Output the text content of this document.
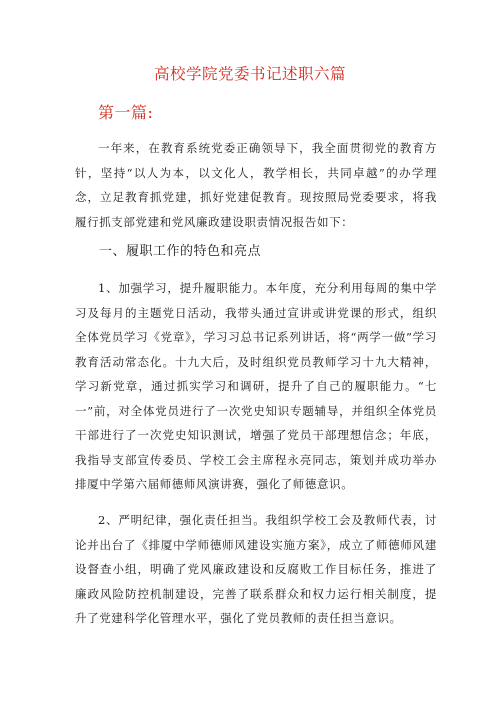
高校学院党委书记述职六篇
第一篇:

一年来，在教育系统党委正确领导下，我全面贯彻党的教育方针，坚持“以人为本，以文化人，教学相长，共同卓越”的办学理念，立足教育抓党建，抓好党建促教育。现按照局党委要求，将我履行抓支部党建和党风廉政建设职责情况报告如下：

一、履职工作的特色和亮点

1、加强学习，提升履职能力。本年度，充分利用每周的集中学习及每月的主题党日活动，我带头通过宣讲或讲党课的形式，组织全体党员学习《党章》，学习习总书记系列讲话，将“两学一做”学习教育活动常态化。十九大后，及时组织党员教师学习十九大精神，学习新党章，通过抓实学习和调研，提升了自己的履职能力。“七一”前，对全体党员进行了一次党史知识专题辅导，并组织全体党员干部进行了一次党史知识测试，增强了党员干部理想信念；年底，我指导支部宣传委员、学校工会主席程永亮同志，策划并成功举办排厦中学第六届师德师风演讲赛，强化了师德意识。

2、严明纪律，强化责任担当。我组织学校工会及教师代表，讨论并出台了《排厦中学师德师风建设实施方案》，成立了师德师风建设督查小组，明确了党风廉政建设和反腐败工作目标任务，推进了廉政风险防控机制建设，完善了联系群众和权力运行相关制度，提升了党建科学化管理水平，强化了党员教师的责任担当意识。
